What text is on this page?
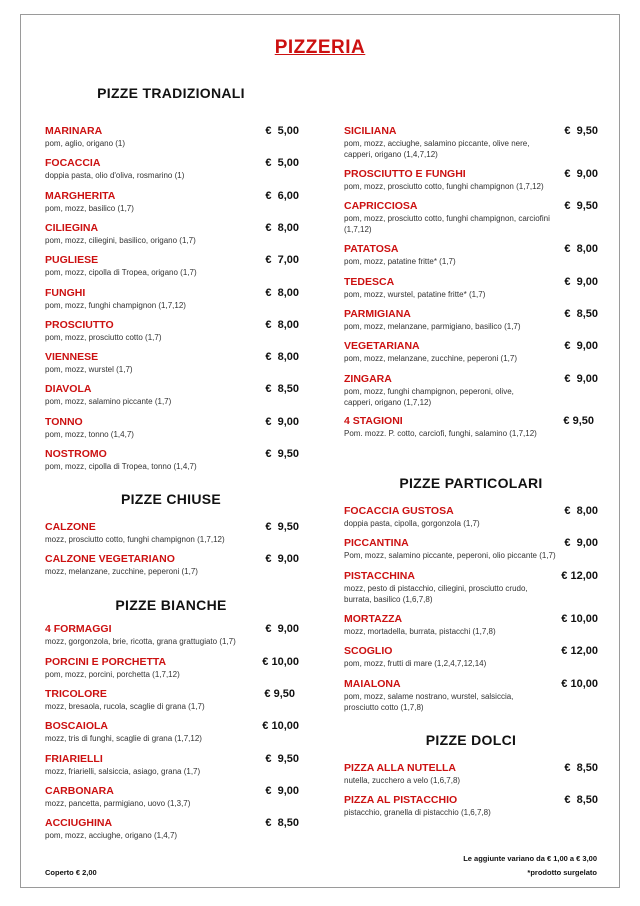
PIZZERIA
PIZZE TRADIZIONALI
PIZZE CHIUSE
PIZZE BIANCHE
PIZZE PARTICOLARI
PIZZE DOLCI
MARINARA
pom, aglio, origano (1)
€  5,00
FOCACCIA
doppia pasta, olio d'oliva, rosmarino (1)
€  5,00
MARGHERITA
pom, mozz, basilico (1,7)
€  6,00
CILIEGINA
pom, mozz, ciliegini, basilico, origano (1,7)
€  8,00
PUGLIESE
pom, mozz, cipolla di Tropea, origano (1,7)
€  7,00
FUNGHI
pom, mozz, funghi champignon (1,7,12)
€  8,00
PROSCIUTTO
pom, mozz, prosciutto cotto (1,7)
€  8,00
VIENNESE
pom, mozz, wurstel (1,7)
€  8,00
DIAVOLA
pom, mozz, salamino piccante (1,7)
€  8,50
TONNO
pom, mozz, tonno (1,4,7)
€  9,00
NOSTROMO
pom, mozz, cipolla di Tropea, tonno (1,4,7)
€  9,50
CALZONE
mozz, prosciutto cotto, funghi champignon (1,7,12)
€  9,50
CALZONE VEGETARIANO
mozz, melanzane, zucchine, peperoni (1,7)
€  9,00
4 FORMAGGI
mozz, gorgonzola, brie, ricotta, grana grattugiato (1,7)
€  9,00
PORCINI E PORCHETTA
pom, mozz, porcini, porchetta (1,7,12)
€ 10,00
TRICOLORE
mozz, bresaola, rucola, scaglie di grana (1,7)
€ 9,50
BOSCAIOLA
mozz, tris di funghi, scaglie di grana (1,7,12)
€ 10,00
FRIARIELLI
mozz, friarielli, salsiccia, asiago, grana (1,7)
€  9,50
CARBONARA
mozz, pancetta, parmigiano, uovo (1,3,7)
€  9,00
ACCIUGHINA
pom, mozz, acciughe, origano (1,4,7)
€  8,50
SICILIANA
pom, mozz, acciughe, salamino piccante, olive nere, capperi, origano (1,4,7,12)
€  9,50
PROSCIUTTO E FUNGHI
pom, mozz, prosciutto cotto, funghi champignon (1,7,12)
€  9,00
CAPRICCIOSA
pom, mozz, prosciutto cotto, funghi champignon, carciofini (1,7,12)
€  9,50
PATATOSA
pom, mozz, patatine fritte* (1,7)
€  8,00
TEDESCA
pom, mozz, wurstel, patatine fritte* (1,7)
€  9,00
PARMIGIANA
pom, mozz, melanzane, parmigiano, basilico (1,7)
€  8,50
VEGETARIANA
pom, mozz, melanzane, zucchine, peperoni (1,7)
€  9,00
ZINGARA
pom, mozz, funghi champignon, peperoni, olive, capperi, origano (1,7,12)
€  9,00
4 STAGIONI
Pom. mozz. P. cotto, carciofi, funghi, salamino (1,7,12)
€ 9,50
FOCACCIA GUSTOSA
doppia pasta, cipolla, gorgonzola (1,7)
€  8,00
PICCANTINA
Pom, mozz, salamino piccante, peperoni, olio piccante (1,7)
€  9,00
PISTACCHINA
mozz, pesto di pistacchio, ciliegini, prosciutto crudo, burrata, basilico (1,6,7,8)
€ 12,00
MORTAZZA
mozz, mortadella, burrata, pistacchi (1,7,8)
€ 10,00
SCOGLIO
pom, mozz, frutti di mare (1,2,4,7,12,14)
€ 12,00
MAIALONA
pom, mozz, salame nostrano, wurstel, salsiccia, prosciutto cotto (1,7,8)
€ 10,00
PIZZA ALLA NUTELLA
nutella, zucchero a velo (1,6,7,8)
€  8,50
PIZZA AL PISTACCHIO
pistacchio, granella di pistacchio (1,6,7,8)
€  8,50
Coperto € 2,00
Le aggiunte variano da € 1,00 a € 3,00
*prodotto surgelato
